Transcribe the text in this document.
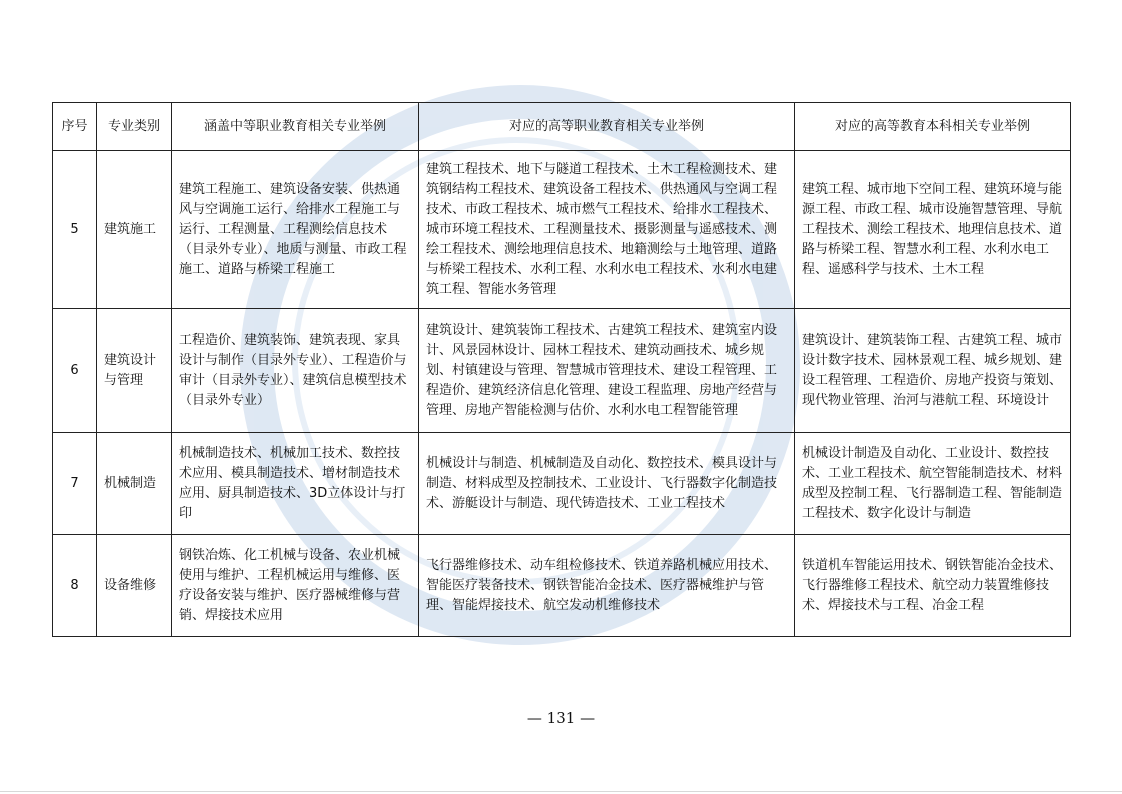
序号	专业类别	涵盖中等职业教育相关专业举例	对应的高等职业教育相关专业举例	对应的高等教育本科相关专业举例
5	建筑施工	建筑工程施工、建筑设备安装、供热通风与空调施工运行、给排水工程施工与运行、工程测量、工程测绘信息技术（目录外专业）、地质与测量、市政工程施工、道路与桥梁工程施工	建筑工程技术、地下与隧道工程技术、土木工程检测技术、建筑钢结构工程技术、建筑设备工程技术、供热通风与空调工程技术、市政工程技术、城市燃气工程技术、给排水工程技术、城市环境工程技术、工程测量技术、摄影测量与遥感技术、测绘工程技术、测绘地理信息技术、地籍测绘与土地管理、道路与桥梁工程技术、水利工程、水利水电工程技术、水利水电建筑工程、智能水务管理	建筑工程、城市地下空间工程、建筑环境与能源工程、市政工程、城市设施智慧管理、导航工程技术、测绘工程技术、地理信息技术、道路与桥梁工程、智慧水利工程、水利水电工程、遥感科学与技术、土木工程
6	建筑设计与管理	工程造价、建筑装饰、建筑表现、家具设计与制作（目录外专业）、工程造价与审计（目录外专业）、建筑信息模型技术（目录外专业）	建筑设计、建筑装饰工程技术、古建筑工程技术、建筑室内设计、风景园林设计、园林工程技术、建筑动画技术、城乡规划、村镇建设与管理、智慧城市管理技术、建设工程管理、工程造价、建筑经济信息化管理、建设工程监理、房地产经营与管理、房地产智能检测与估价、水利水电工程智能管理	建筑设计、建筑装饰工程、古建筑工程、城市设计数字技术、园林景观工程、城乡规划、建设工程管理、工程造价、房地产投资与策划、现代物业管理、治河与港航工程、环境设计
7	机械制造	机械制造技术、机械加工技术、数控技术应用、模具制造技术、增材制造技术应用、厨具制造技术、3D立体设计与打印	机械设计与制造、机械制造及自动化、数控技术、模具设计与制造、材料成型及控制技术、工业设计、飞行器数字化制造技术、游艇设计与制造、现代铸造技术、工业工程技术	机械设计制造及自动化、工业设计、数控技术、工业工程技术、航空智能制造技术、材料成型及控制工程、飞行器制造工程、智能制造工程技术、数字化设计与制造
8	设备维修	钢铁冶炼、化工机械与设备、农业机械使用与维护、工程机械运用与维修、医疗设备安装与维护、医疗器械维修与营销、焊接技术应用	飞行器维修技术、动车组检修技术、铁道养路机械应用技术、智能医疗装备技术、钢铁智能冶金技术、医疗器械维护与管理、智能焊接技术、航空发动机维修技术	铁道机车智能运用技术、钢铁智能冶金技术、飞行器维修工程技术、航空动力装置维修技术、焊接技术与工程、冶金工程
— 131 —
